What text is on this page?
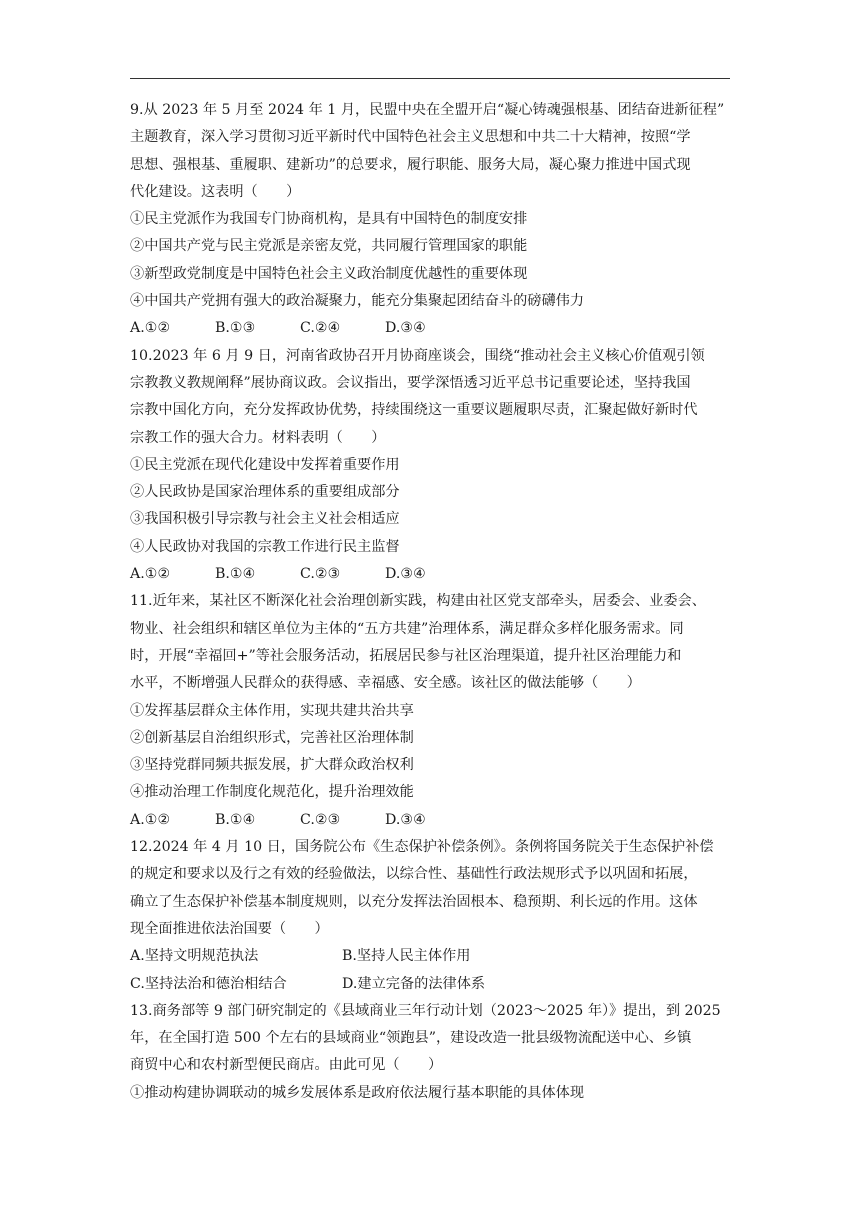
9.从 2023 年 5 月至 2024 年 1 月，民盟中央在全盟开启“凝心铸魂强根基、团结奋进新征程”
主题教育，深入学习贯彻习近平新时代中国特色社会主义思想和中共二十大精神，按照“学
思想、强根基、重履职、建新功”的总要求，履行职能、服务大局，凝心聚力推进中国式现
代化建设。这表明（　　）
①民主党派作为我国专门协商机构，是具有中国特色的制度安排
②中国共产党与民主党派是亲密友党，共同履行管理国家的职能
③新型政党制度是中国特色社会主义政治制度优越性的重要体现
④中国共产党拥有强大的政治凝聚力，能充分集聚起团结奋斗的磅礴伟力
A.①②	B.①③	C.②④	D.③④
10.2023 年 6 月 9 日，河南省政协召开月协商座谈会，围绕“推动社会主义核心价值观引领
宗教教义教规阐释”展协商议政。会议指出，要学深悟透习近平总书记重要论述，坚持我国
宗教中国化方向，充分发挥政协优势，持续围绕这一重要议题履职尽责，汇聚起做好新时代
宗教工作的强大合力。材料表明（　　）
①民主党派在现代化建设中发挥着重要作用
②人民政协是国家治理体系的重要组成部分
③我国积极引导宗教与社会主义社会相适应
④人民政协对我国的宗教工作进行民主监督
A.①②	B.①④	C.②③	D.③④
11.近年来，某社区不断深化社会治理创新实践，构建由社区党支部牵头，居委会、业委会、
物业、社会组织和辖区单位为主体的“五方共建”治理体系，满足群众多样化服务需求。同
时，开展“幸福回+”等社会服务活动，拓展居民参与社区治理渠道，提升社区治理能力和
水平，不断增强人民群众的获得感、幸福感、安全感。该社区的做法能够（　　）
①发挥基层群众主体作用，实现共建共治共享
②创新基层自治组织形式，完善社区治理体制
③坚持党群同频共振发展，扩大群众政治权利
④推动治理工作制度化规范化，提升治理效能
A.①②	B.①④	C.②③	D.③④
12.2024 年 4 月 10 日，国务院公布《生态保护补偿条例》。条例将国务院关于生态保护补偿
的规定和要求以及行之有效的经验做法，以综合性、基础性行政法规形式予以巩固和拓展，
确立了生态保护补偿基本制度规则，以充分发挥法治固根本、稳预期、利长远的作用。这体
现全面推进依法治国要（　　）
A.坚持文明规范执法	B.坚持人民主体作用
C.坚持法治和德治相结合	D.建立完备的法律体系
13.商务部等 9 部门研究制定的《县域商业三年行动计划（2023～2025 年）》提出，到 2025
年，在全国打造 500 个左右的县域商业“领跑县”，建设改造一批县级物流配送中心、乡镇
商贸中心和农村新型便民商店。由此可见（　　）
①推动构建协调联动的城乡发展体系是政府依法履行基本职能的具体体现
